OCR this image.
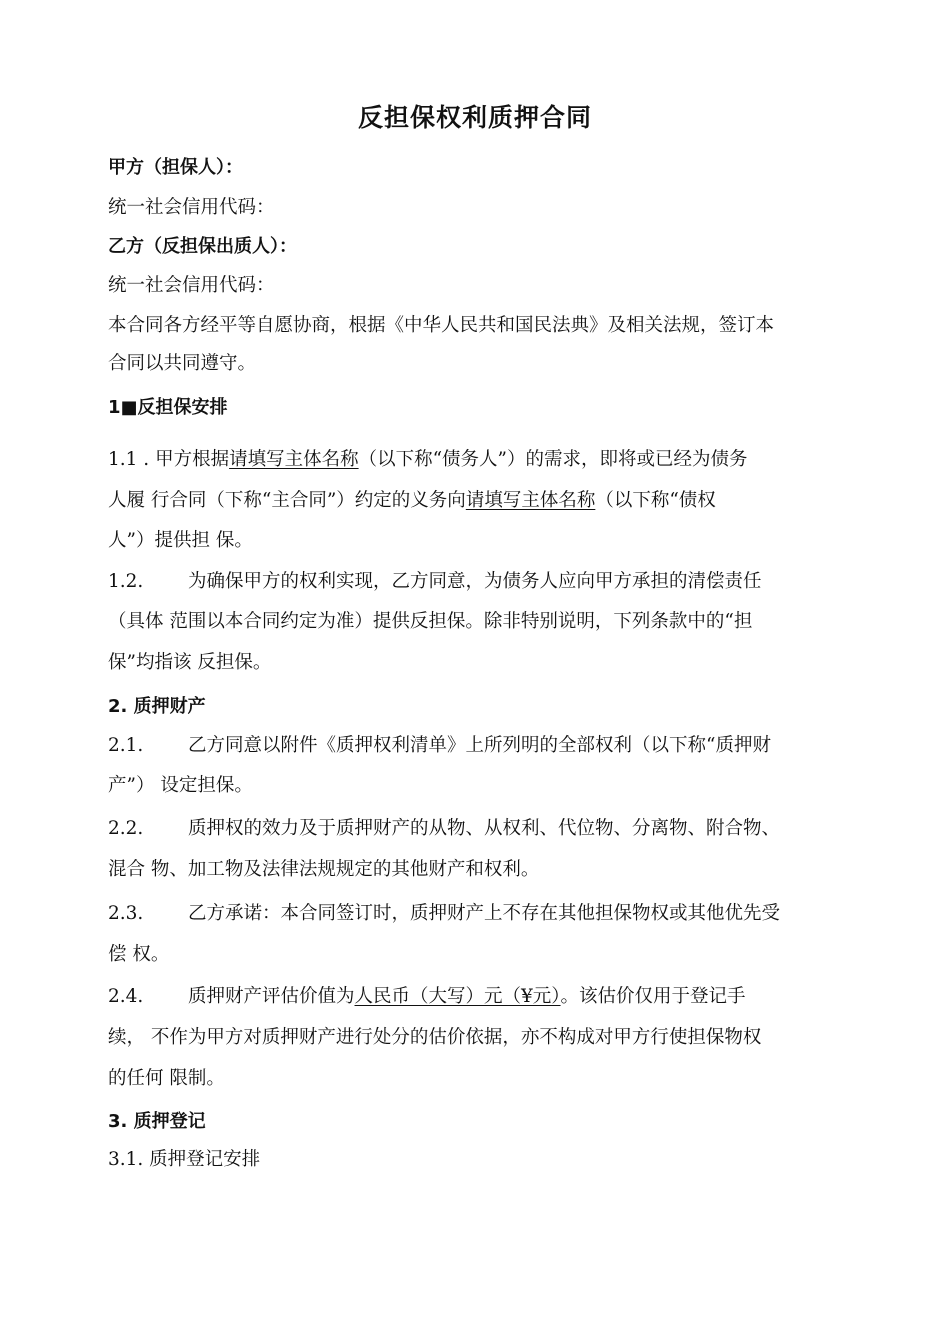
反担保权利质押合同
甲方（担保人）：
统一社会信用代码：
乙方（反担保出质人）：
统一社会信用代码：
本合同各方经平等自愿协商，根据《中华人民共和国民法典》及相关法规，签订本
合同以共同遵守。
1■反担保安排
1.1 . 甲方根据请填写主体名称（以下称“债务人”）的需求，即将或已经为债务
人履 行合同（下称“主合同”）约定的义务向请填写主体名称（以下称“债权
人”）提供担 保。
1.2. 为确保甲方的权利实现，乙方同意，为债务人应向甲方承担的清偿责任
（具体 范围以本合同约定为准）提供反担保。除非特别说明，下列条款中的“担
保”均指该 反担保。
2. 质押财产
2.1. 乙方同意以附件《质押权利清单》上所列明的全部权利（以下称“质押财
产”） 设定担保。
2.2. 质押权的效力及于质押财产的从物、从权利、代位物、分离物、附合物、
混合 物、加工物及法律法规规定的其他财产和权利。
2.3. 乙方承诺：本合同签订时，质押财产上不存在其他担保物权或其他优先受
偿 权。
2.4. 质押财产评估价值为人民币（大写）元（¥元）。该估价仅用于登记手
续， 不作为甲方对质押财产进行处分的估价依据，亦不构成对甲方行使担保物权
的任何 限制。
3. 质押登记
3.1. 质押登记安排
